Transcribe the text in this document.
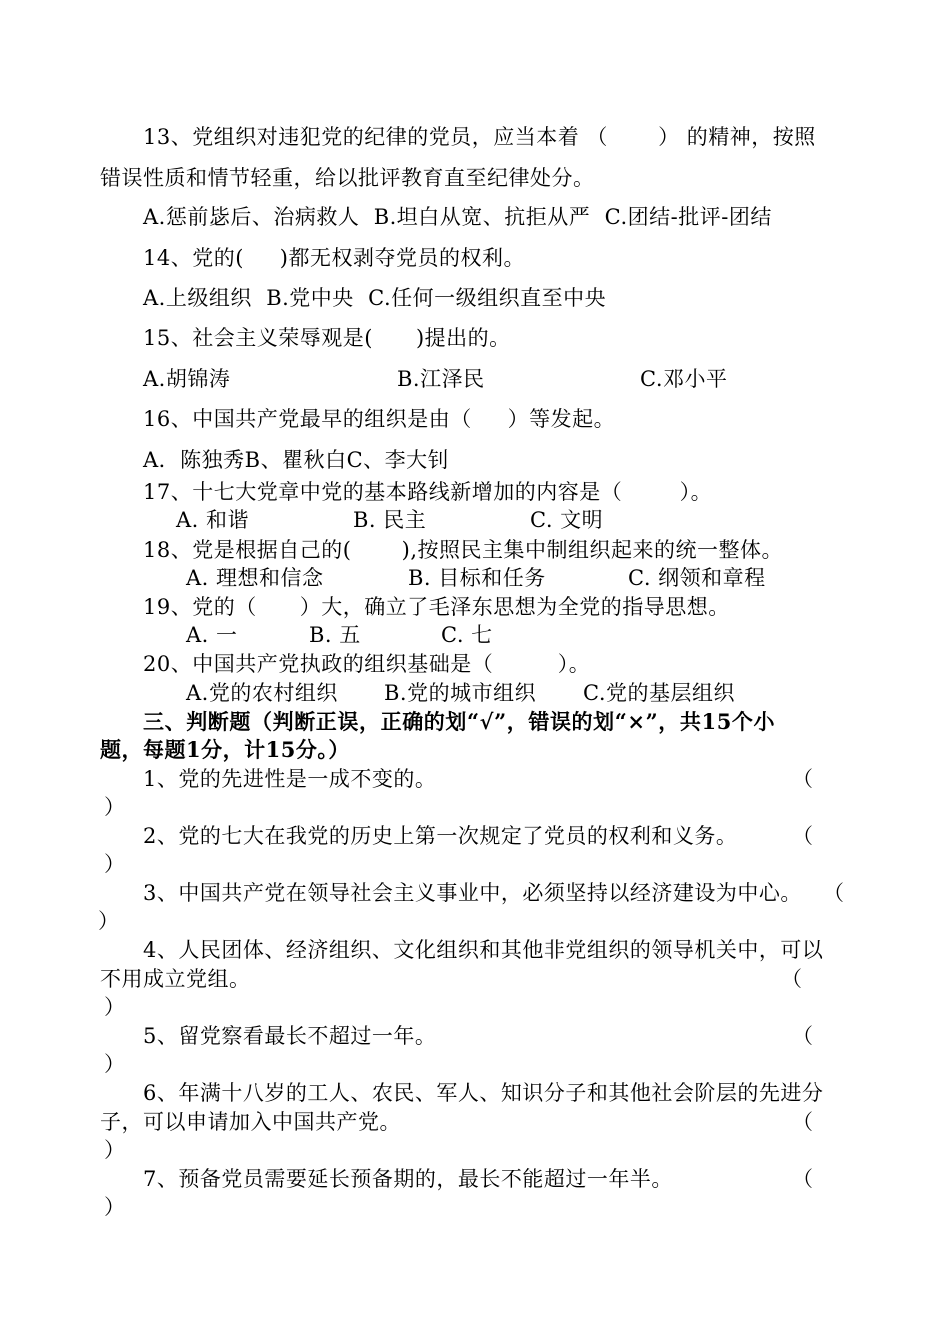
13、党组织对违犯党的纪律的党员，应当本着 （       ） 的精神，按照
错误性质和情节轻重，给以批评教育直至纪律处分。
A.惩前毖后、治病救人  B.坦白从宽、抗拒从严  C.团结-批评-团结
14、党的(     )都无权剥夺党员的权利。
A.上级组织  B.党中央  C.任何一级组织直至中央
15、社会主义荣辱观是(      )提出的。
A.胡锦涛	B.江泽民	C.邓小平
16、中国共产党最早的组织是由（     ）等发起。
A．陈独秀B、瞿秋白C、李大钊
17、十七大党章中党的基本路线新增加的内容是（        ）。
A. 和谐	B. 民主	C. 文明
18、党是根据自己的(       ),按照民主集中制组织起来的统一整体。
A. 理想和信念	B. 目标和任务	C. 纲领和章程
19、党的（      ）大，确立了毛泽东思想为全党的指导思想。
A. 一	B. 五	C. 七
20、中国共产党执政的组织基础是（         ）。
A.党的农村组织 B.党的城市组织 C.党的基层组织
三、判断题（判断正误，正确的划“√”，错误的划“×”，共15个小
题，每题1分，计15分。）
1、党的先进性是一成不变的。	（
）
2、党的七大在我党的历史上第一次规定了党员的权利和义务。	（
）
3、中国共产党在领导社会主义事业中，必须坚持以经济建设为中心。 （
）
4、人民团体、经济组织、文化组织和其他非党组织的领导机关中，可以
不用成立党组。	（
）
5、留党察看最长不超过一年。	（
）
6、年满十八岁的工人、农民、军人、知识分子和其他社会阶层的先进分
子，可以申请加入中国共产党。	（
）
7、预备党员需要延长预备期的，最长不能超过一年半。	（
）
